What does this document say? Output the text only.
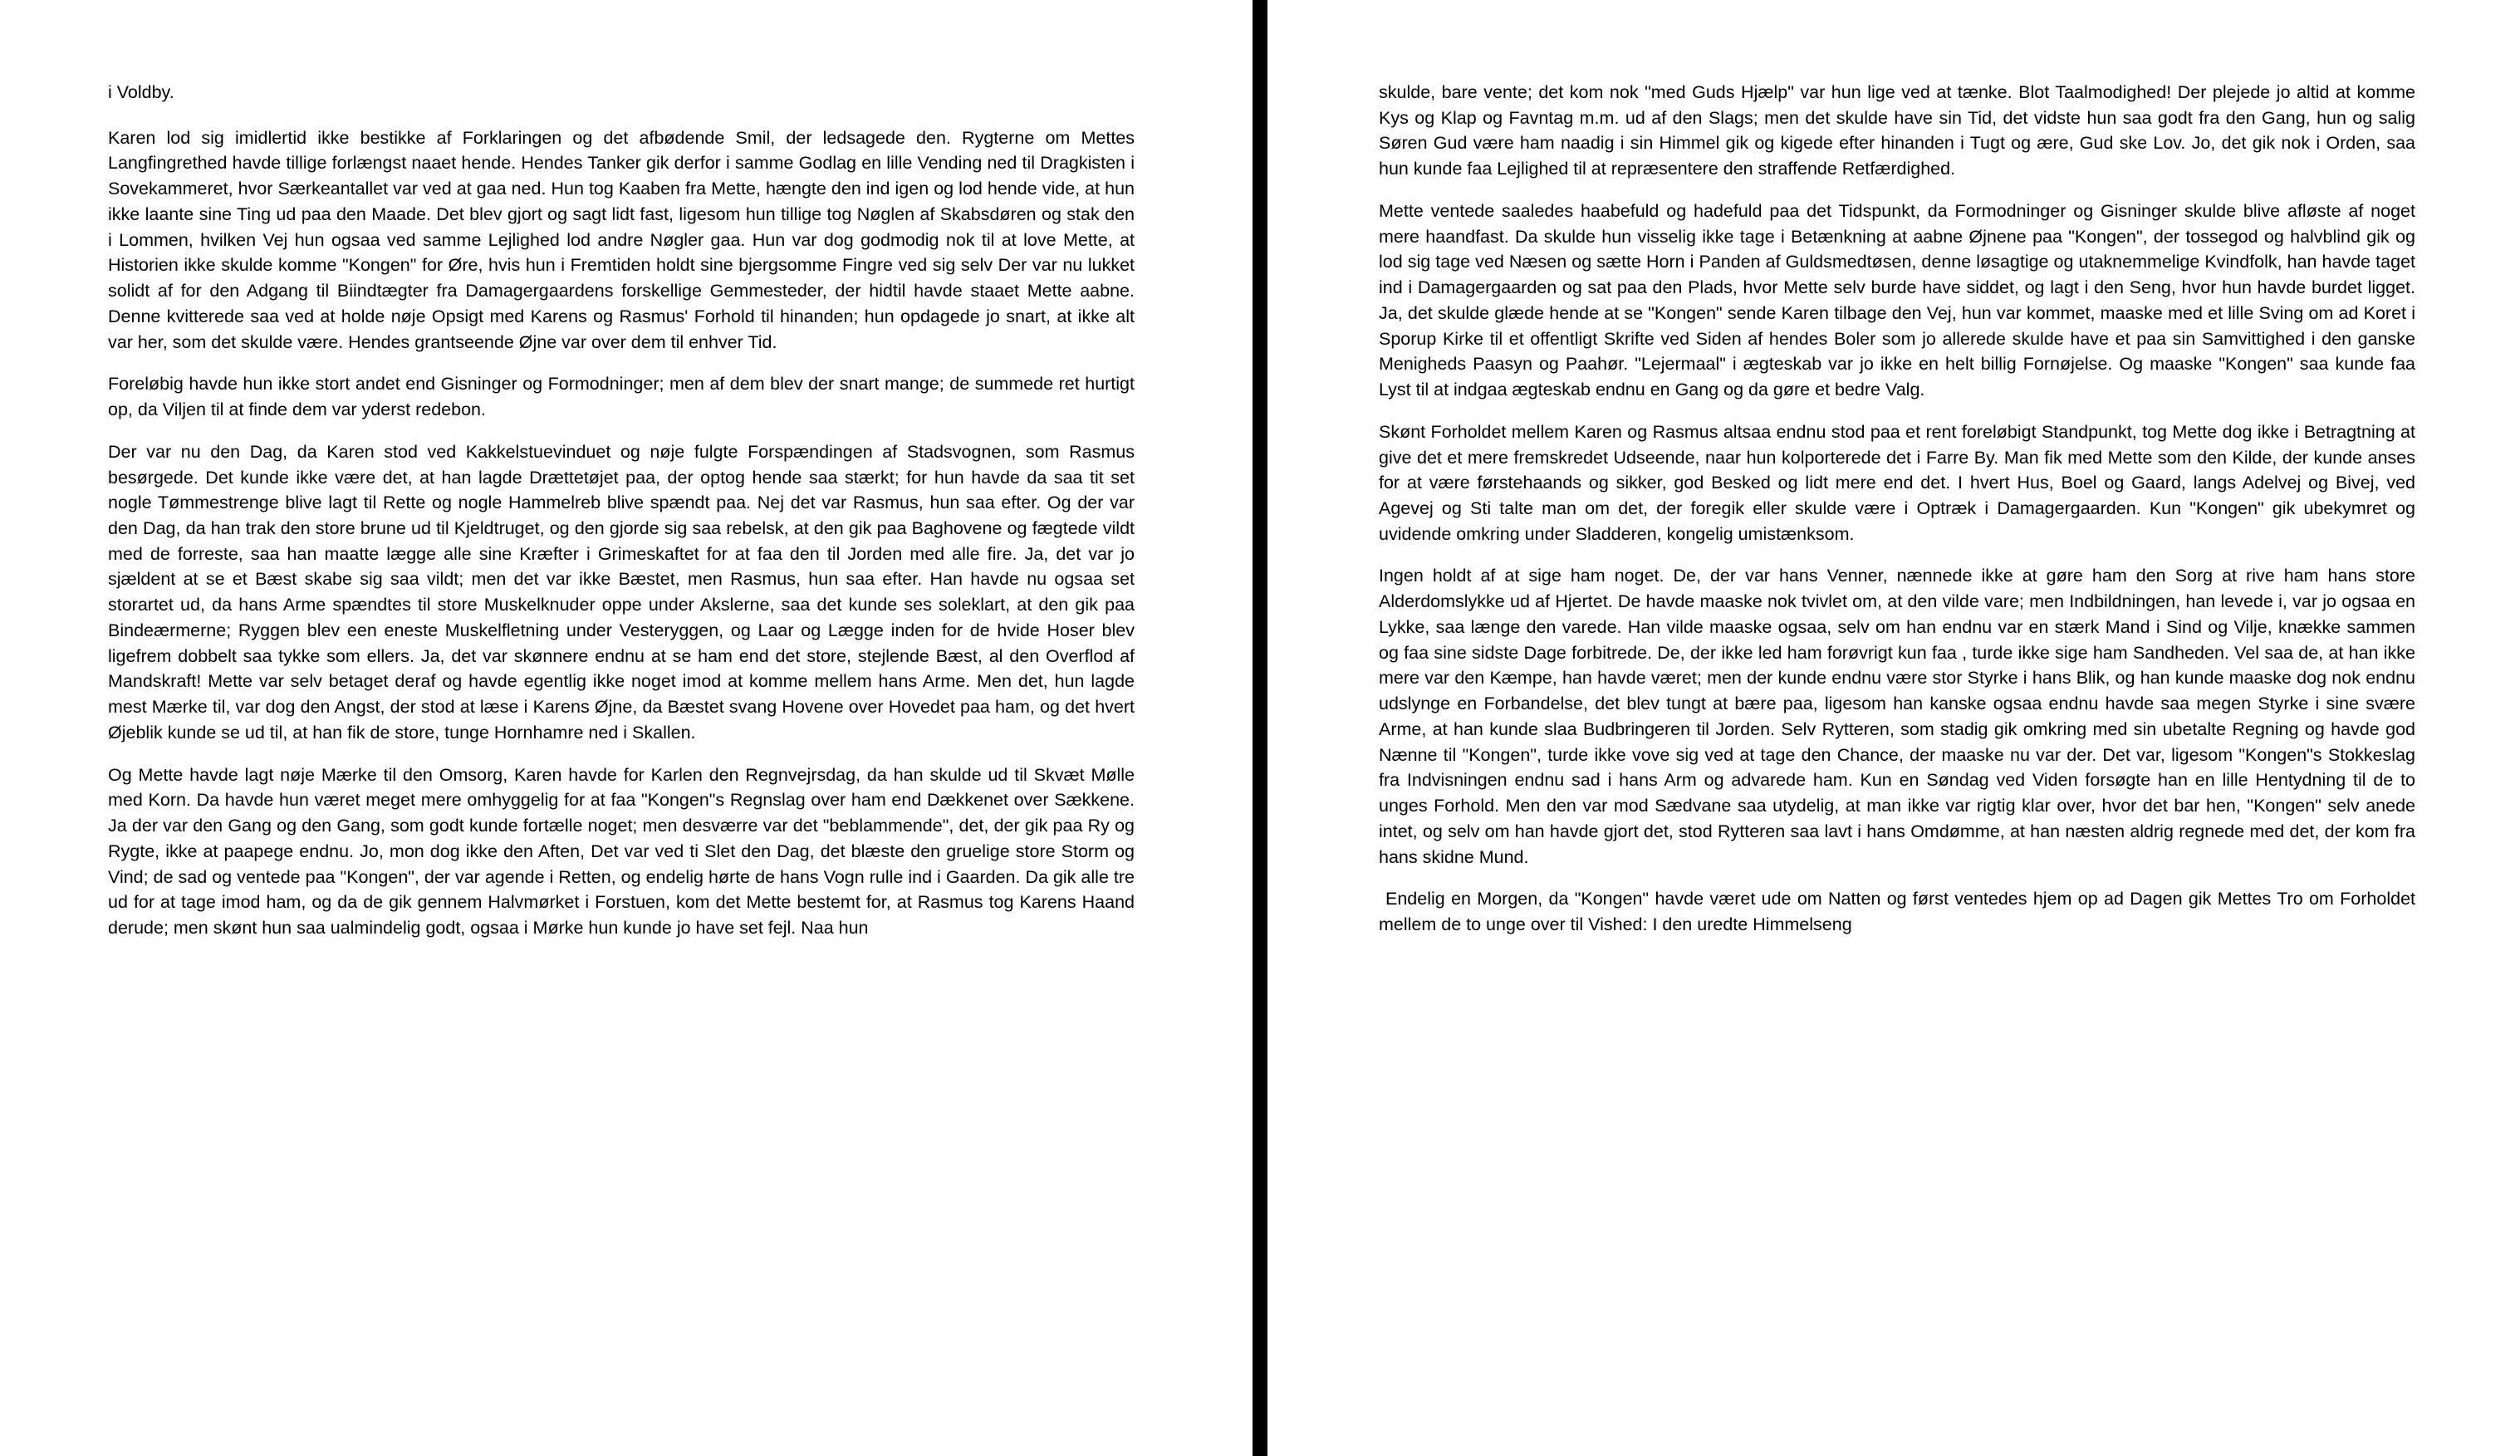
i Voldby.

Karen lod sig imidlertid ikke bestikke af Forklaringen og det afbødende Smil, der ledsagede den. Rygterne om Mettes Langfingrethed havde tillige forlængst naaet hende. Hendes Tanker gik derfor i samme Godlag en lille Vending ned til Dragkisten i Sovekammeret, hvor Særkeantallet var ved at gaa ned. Hun tog Kaaben fra Mette, hængte den ind igen og lod hende vide, at hun ikke laante sine Ting ud paa den Maade. Det blev gjort og sagt lidt fast, ligesom hun tillige tog Nøglen af Skabsdøren og stak den i Lommen, hvilken Vej hun ogsaa ved samme Lejlighed lod andre Nøgler gaa. Hun var dog godmodig nok til at love Mette, at Historien ikke skulde komme "Kongen" for Øre, hvis hun i Fremtiden holdt sine bjergsomme Fingre ved sig selv Der var nu lukket solidt af for den Adgang til Biindtægter fra Damagergaardens forskellige Gemmesteder, der hidtil havde staaet Mette aabne. Denne kvitterede saa ved at holde nøje Opsigt med Karens og Rasmus' Forhold til hinanden; hun opdagede jo snart, at ikke alt var her, som det skulde være. Hendes grantseende Øjne var over dem til enhver Tid.

Foreløbig havde hun ikke stort andet end Gisninger og Formodninger; men af dem blev der snart mange; de summede ret hurtigt op, da Viljen til at finde dem var yderst redebon.

Der var nu den Dag, da Karen stod ved Kakkelstuevinduet og nøje fulgte Forspændingen af Stadsvognen, som Rasmus besørgede. Det kunde ikke være det, at han lagde Drættetøjet paa, der optog hende saa stærkt; for hun havde da saa tit set nogle Tømmestrenge blive lagt til Rette og nogle Hammelreb blive spændt paa. Nej det var Rasmus, hun saa efter. Og der var den Dag, da han trak den store brune ud til Kjeldtruget, og den gjorde sig saa rebelsk, at den gik paa Baghovene og fægtede vildt med de forreste, saa han maatte lægge alle sine Kræfter i Grimeskaftet for at faa den til Jorden med alle fire. Ja, det var jo sjældent at se et Bæst skabe sig saa vildt; men det var ikke Bæstet, men Rasmus, hun saa efter. Han havde nu ogsaa set storartet ud, da hans Arme spændtes til store Muskelknuder oppe under Akslerne, saa det kunde ses soleklart, at den gik paa Bindeærmerne; Ryggen blev een eneste Muskelfletning under Vesteryggen, og Laar og Lægge inden for de hvide Hoser blev ligefrem dobbelt saa tykke som ellers. Ja, det var skønnere endnu at se ham end det store, stejlende Bæst, al den Overflod af Mandskraft! Mette var selv betaget deraf og havde egentlig ikke noget imod at komme mellem hans Arme. Men det, hun lagde mest Mærke til, var dog den Angst, der stod at læse i Karens Øjne, da Bæstet svang Hovene over Hovedet paa ham, og det hvert Øjeblik kunde se ud til, at han fik de store, tunge Hornhamre ned i Skallen.

Og Mette havde lagt nøje Mærke til den Omsorg, Karen havde for Karlen den Regnvejrsdag, da han skulde ud til Skvæt Mølle med Korn. Da havde hun været meget mere omhyggelig for at faa "Kongen"s Regnslag over ham end Dækkenet over Sækkene. Ja der var den Gang og den Gang, som godt kunde fortælle noget; men desværre var det "beblammende", det, der gik paa Ry og Rygte, ikke at paapege endnu. Jo, mon dog ikke den Aften, Det var ved ti Slet den Dag, det blæste den gruelige store Storm og Vind; de sad og ventede paa "Kongen", der var agende i Retten, og endelig hørte de hans Vogn rulle ind i Gaarden. Da gik alle tre ud for at tage imod ham, og da de gik gennem Halvmørket i Forstuen, kom det Mette bestemt for, at Rasmus tog Karens Haand derude; men skønt hun saa ualmindelig godt, ogsaa i Mørke hun kunde jo have set fejl. Naa hun

skulde, bare vente; det kom nok "med Guds Hjælp" var hun lige ved at tænke. Blot Taalmodighed! Der plejede jo altid at komme Kys og Klap og Favntag m.m. ud af den Slags; men det skulde have sin Tid, det vidste hun saa godt fra den Gang, hun og salig Søren Gud være ham naadig i sin Himmel gik og kigede efter hinanden i Tugt og ære, Gud ske Lov. Jo, det gik nok i Orden, saa hun kunde faa Lejlighed til at repræsentere den straffende Retfærdighed.

Mette ventede saaledes haabefuld og hadefuld paa det Tidspunkt, da Formodninger og Gisninger skulde blive afløste af noget mere haandfast. Da skulde hun visselig ikke tage i Betænkning at aabne Øjnene paa "Kongen", der tossegod og halvblind gik og lod sig tage ved Næsen og sætte Horn i Panden af Guldsmedtøsen, denne løsagtige og utaknemmelige Kvindfolk, han havde taget ind i Damagergaarden og sat paa den Plads, hvor Mette selv burde have siddet, og lagt i den Seng, hvor hun havde burdet ligget. Ja, det skulde glæde hende at se "Kongen" sende Karen tilbage den Vej, hun var kommet, maaske med et lille Sving om ad Koret i Sporup Kirke til et offentligt Skrifte ved Siden af hendes Boler som jo allerede skulde have et paa sin Samvittighed i den ganske Menigheds Paasyn og Paahør. "Lejermaal" i ægteskab var jo ikke en helt billig Fornøjelse. Og maaske "Kongen" saa kunde faa Lyst til at indgaa ægteskab endnu en Gang og da gøre et bedre Valg.

Skønt Forholdet mellem Karen og Rasmus altsaa endnu stod paa et rent foreløbigt Standpunkt, tog Mette dog ikke i Betragtning at give det et mere fremskredet Udseende, naar hun kolporterede det i Farre By. Man fik med Mette som den Kilde, der kunde anses for at være førstehaands og sikker, god Besked og lidt mere end det. I hvert Hus, Boel og Gaard, langs Adelvej og Bivej, ved Agevej og Sti talte man om det, der foregik eller skulde være i Optræk i Damagergaarden. Kun "Kongen" gik ubekymret og uvidende omkring under Sladderen, kongelig umistænksom.

Ingen holdt af at sige ham noget. De, der var hans Venner, nænnede ikke at gøre ham den Sorg at rive ham hans store Alderdomslykke ud af Hjertet. De havde maaske nok tvivlet om, at den vilde vare; men Indbildningen, han levede i, var jo ogsaa en Lykke, saa længe den varede. Han vilde maaske ogsaa, selv om han endnu var en stærk Mand i Sind og Vilje, knække sammen og faa sine sidste Dage forbitrede. De, der ikke led ham forøvrigt kun faa , turde ikke sige ham Sandheden. Vel saa de, at han ikke mere var den Kæmpe, han havde været; men der kunde endnu være stor Styrke i hans Blik, og han kunde maaske dog nok endnu udslynge en Forbandelse, det blev tungt at bære paa, ligesom han kanske ogsaa endnu havde saa megen Styrke i sine svære Arme, at han kunde slaa Budbringeren til Jorden. Selv Rytteren, som stadig gik omkring med sin ubetalte Regning og havde god Nænne til "Kongen", turde ikke vove sig ved at tage den Chance, der maaske nu var der. Det var, ligesom "Kongen"s Stokkeslag fra Indvisningen endnu sad i hans Arm og advarede ham. Kun en Søndag ved Viden forsøgte han en lille Hentydning til de to unges Forhold. Men den var mod Sædvane saa utydelig, at man ikke var rigtig klar over, hvor det bar hen, "Kongen" selv anede intet, og selv om han havde gjort det, stod Rytteren saa lavt i hans Omdømme, at han næsten aldrig regnede med det, der kom fra hans skidne Mund.

Endelig en Morgen, da "Kongen" havde været ude om Natten og først ventedes hjem op ad Dagen gik Mettes Tro om Forholdet mellem de to unge over til Vished: I den uredte Himmelseng
